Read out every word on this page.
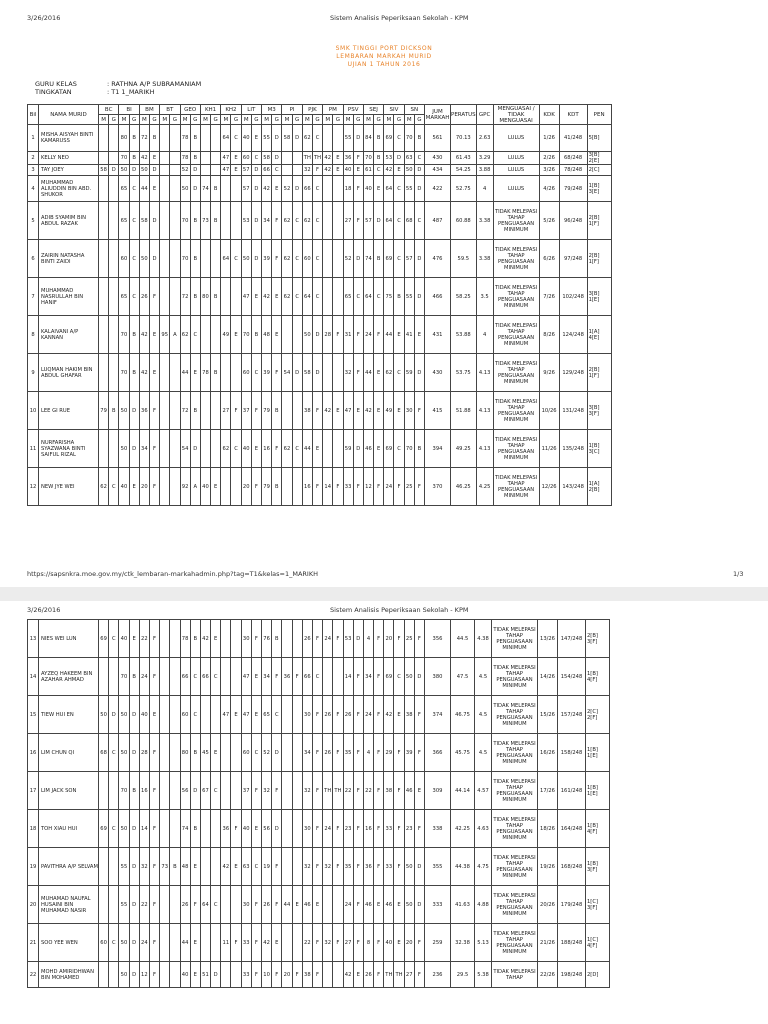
3/26/2016	Sistem Analisis Peperiksaan Sekolah - KPM
SMK TINGGI PORT DICKSON
LEMBARAN MARKAH MURID
UJIAN 1 TAHUN 2016
GURU KELAS	: RATHNA A/P SUBRAMANIAM
TINGKATAN	: T1 1_MARIKH
Bil	NAMA MURID	BC		BI		BM		BT		GEO		KH1		KH2		LIT		M3		PI		PJK		PM		PSV		SEJ		SIV		SN		JUM MARKAH	PERATUS	GPC	MENGUASAI / TIDAK MENGUASAI	KDK	KDT	PEN
		M	G	M	G	M	G	M	G	M	G	M	G	M	G	M	G	M	G	M	G	M	G	M	G	M	G	M	G	M	G	M	G							
1	MISHA AISYAH BINTI KAMARUSS			80	B	72	B			78	B			64	C	40	E	55	D	58	D	62	C			55	D	84	B	69	C	70	B	561	70.13	2.63	LULUS	1/26	41/248	5[B]
2	KELLY NEO			70	B	42	E			78	B			47	E	60	C	58	D			TH	TH	42	E	36	F	70	B	53	D	63	C	430	61.43	3.29	LULUS	2/26	68/248	3[B] 2[E]
3	TAY JOEY	58	D	50	D	50	D			52	D			47	E	57	D	66	C			32	F	42	E	40	E	61	C	42	E	50	D	434	54.25	3.88	LULUS	3/26	78/248	2[C]
4	MUHAMMAD ALIUDDIN BIN ABD. SHUKOR			65	C	44	E			50	D	74	B			57	D	42	E	52	D	66	C			18	F	40	E	64	C	55	D	422	52.75	4	LULUS	4/26	79/248	1[B] 3[E]
5	ADIB SYAMIM BIN ABDUL RAZAK			65	C	58	D			70	B	73	B			53	D	34	F	62	C	62	C			27	F	57	D	64	C	68	C	487	60.88	3.38	TIDAK MELEPASI TAHAP PENGUASAAN MINIMUM	5/26	96/248	2[B] 1[F]
6	ZAIRIN NATASHA BINTI ZAIDI			60	C	50	D			70	B			64	C	50	D	39	F	62	C	60	C			52	D	74	B	69	C	57	D	476	59.5	3.38	TIDAK MELEPASI TAHAP PENGUASAAN MINIMUM	6/26	97/248	2[B] 1[F]
7	MUHAMMAD NASRULLAH BIN HANIF			65	C	26	F			72	B	80	B			47	E	42	E	62	C	64	C			65	C	64	C	75	B	55	D	466	58.25	3.5	TIDAK MELEPASI TAHAP PENGUASAAN MINIMUM	7/26	102/248	3[B] 1[E]
8	KALAIVANI A/P KANNAN			70	B	42	E	95	A	62	C			49	E	70	B	48	E			50	D	28	F	31	F	24	F	44	E	41	E	431	53.88	4	TIDAK MELEPASI TAHAP PENGUASAAN MINIMUM	8/26	124/248	1[A] 4[E]
9	LUQMAN HAKIM BIN ABDUL GHAFAR			70	B	42	E			44	E	78	B			60	C	39	F	54	D	58	D			32	F	44	E	62	C	59	D	430	53.75	4.13	TIDAK MELEPASI TAHAP PENGUASAAN MINIMUM	9/26	129/248	2[B] 1[F]
10	LEE GI RUE	79	B	50	D	36	F			72	B			27	F	37	F	79	B			38	F	42	E	47	E	42	E	49	E	30	F	415	51.88	4.13	TIDAK MELEPASI TAHAP PENGUASAAN MINIMUM	10/26	131/248	3[B] 3[F]
11	NURFARISHA SYAZWANA BINTI SAIFUL RIZAL			50	D	34	F			54	D			62	C	40	E	16	F	62	C	44	E			59	D	46	E	69	C	70	B	394	49.25	4.13	TIDAK MELEPASI TAHAP PENGUASAAN MINIMUM	11/26	135/248	1[B] 3[C]
12	NEW JYE WEI	62	C	40	E	20	F			92	A	40	E			20	F	79	B			16	F	14	F	33	F	12	F	24	F	25	F	370	46.25	4.25	TIDAK MELEPASI TAHAP PENGUASAAN MINIMUM	12/26	143/248	1[A] 2[B]
https://sapsnkra.moe.gov.my/ctk_lembaran-markahadmin.php?tag=T1&kelas=1_MARIKH	1/3
3/26/2016	Sistem Analisis Peperiksaan Sekolah - KPM
13	NIES WEI LUN	69	C	40	E	22	F			78	B	42	E			30	F	76	B			26	F	24	F	53	D	4	F	20	F	25	F	356	44.5	4.38	TIDAK MELEPASI TAHAP PENGUASAAN MINIMUM	13/26	147/248	2[B] 3[F]
14	AYZEQ HAKEEM BIN AZAHAR AHMAD			70	B	24	F			66	C	66	C			47	E	34	F	36	F	66	C			14	F	34	F	69	C	50	D	380	47.5	4.5	TIDAK MELEPASI TAHAP PENGUASAAN MINIMUM	14/26	154/248	1[B] 4[F]
15	TIEW HUI EN	50	D	50	D	40	E			60	C			47	E	47	E	65	C			30	F	26	F	26	F	24	F	42	E	38	F	374	46.75	4.5	TIDAK MELEPASI TAHAP PENGUASAAN MINIMUM	15/26	157/248	2[C] 2[F]
16	LIM CHUN QI	68	C	50	D	28	F			80	B	45	E			60	C	52	D			34	F	26	F	35	F	4	F	29	F	39	F	366	45.75	4.5	TIDAK MELEPASI TAHAP PENGUASAAN MINIMUM	16/26	158/248	1[B] 1[E]
17	LIM JACK SON			70	B	16	F			56	D	67	C			37	F	32	F			32	F	TH	TH	22	F	22	F	38	F	46	E	309	44.14	4.57	TIDAK MELEPASI TAHAP PENGUASAAN MINIMUM	17/26	161/248	1[B] 1[E]
18	TOH XIAU HUI	69	C	50	D	14	F			74	B			36	F	40	E	56	D			30	F	24	F	23	F	16	F	33	F	23	F	338	42.25	4.63	TIDAK MELEPASI TAHAP PENGUASAAN MINIMUM	18/26	164/248	1[B] 4[F]
19	PAVITHRA A/P SELVAM			55	D	32	F	73	B	48	E			42	E	63	C	19	F			32	F	32	F	35	F	36	F	33	F	50	D	355	44.38	4.75	TIDAK MELEPASI TAHAP PENGUASAAN MINIMUM	19/26	168/248	1[B] 3[F]
20	MUHAMAD NAUFAL HUSAINI BIN MUHAMAD NASIR			55	D	22	F			26	F	64	C			30	F	26	F	44	E	46	E			24	F	46	E	46	E	50	D	333	41.63	4.88	TIDAK MELEPASI TAHAP PENGUASAAN MINIMUM	20/26	179/248	1[C] 3[F]
21	SOO YEE WEN	60	C	50	D	24	F			44	E			11	F	33	F	42	E			22	F	32	F	27	F	8	F	40	E	20	F	259	32.38	5.13	TIDAK MELEPASI TAHAP PENGUASAAN MINIMUM	21/26	188/248	1[C] 4[F]
22	MOHD AMIRIDHWAN BIN MOHAMED			50	D	12	F			40	E	51	D			33	F	10	F	20	F	38	F			42	E	26	F	TH	TH	27	F	236	29.5	5.38	TIDAK MELEPASI TAHAP	22/26	198/248	2[D]
